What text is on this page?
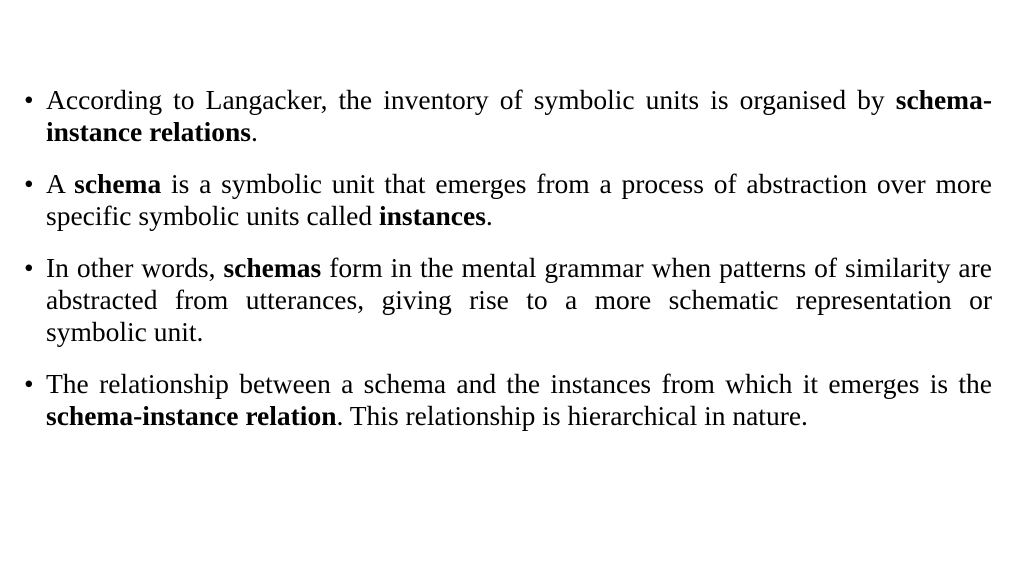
• According to Langacker, the inventory of symbolic units is organised by schema-instance relations.
• A schema is a symbolic unit that emerges from a process of abstraction over more specific symbolic units called instances.
• In other words, schemas form in the mental grammar when patterns of similarity are abstracted from utterances, giving rise to a more schematic representation or symbolic unit.
• The relationship between a schema and the instances from which it emerges is the schema-instance relation. This relationship is hierarchical in nature.
